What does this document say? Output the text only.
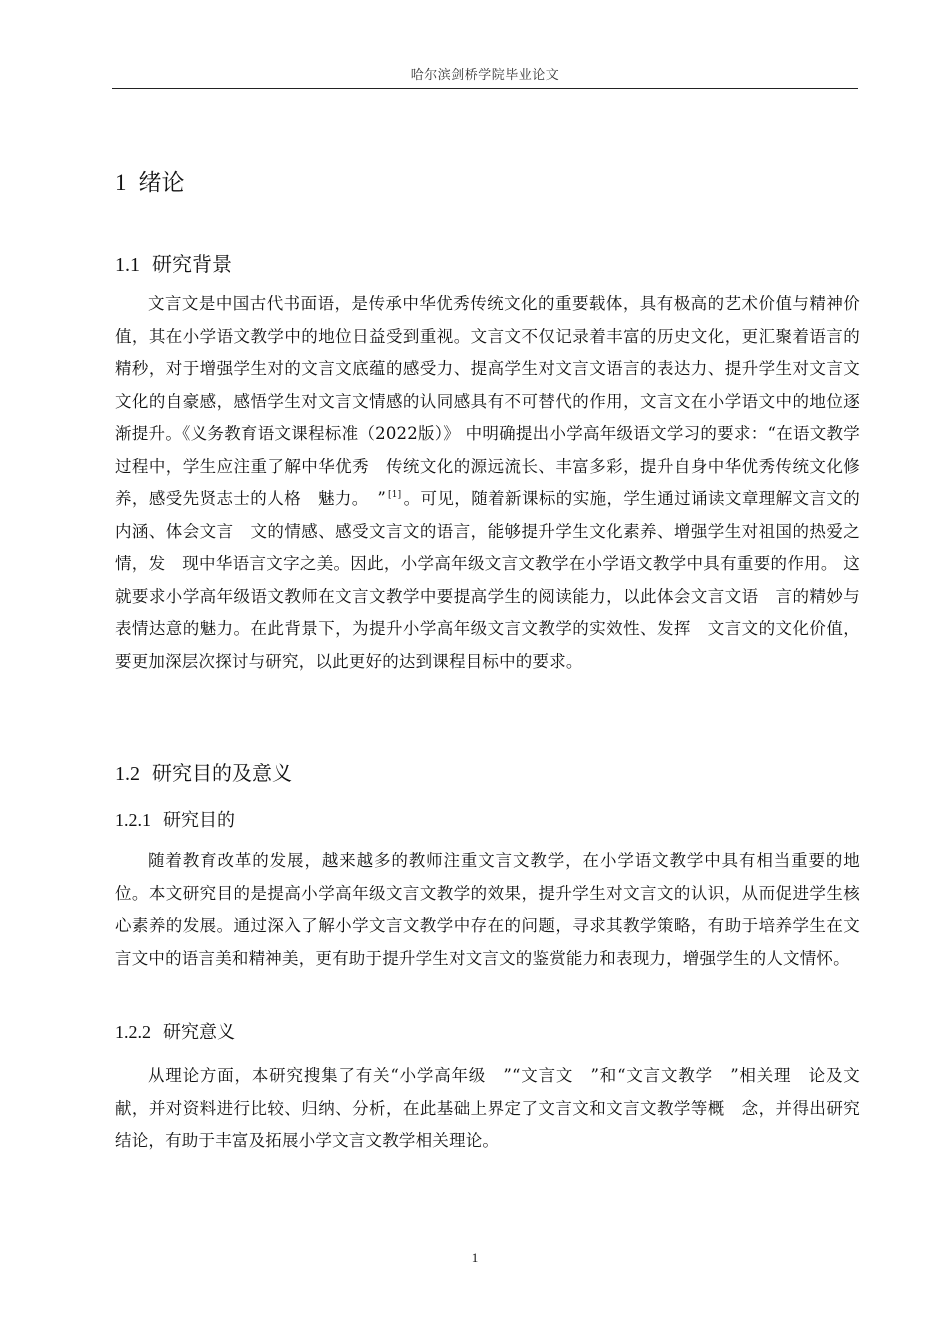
哈尔滨剑桥学院毕业论文
1 绪论
1.1 研究背景

文言文是中国古代书面语，是传承中华优秀传统文化的重要载体，具有极高的艺术价值与精神价值，其在小学语文教学中的地位日益受到重视。文言文不仅记录着丰富的历史文化，更汇聚着语言的精秒，对于增强学生对的文言文底蕴的感受力、提高学生对文言文语言的表达力、提升学生对文言文文化的自豪感，感悟学生对文言文情感的认同感具有不可替代的作用，文言文在小学语文中的地位逐渐提升。《义务教育语文课程标准（2022版）》 中明确提出小学高年级语文学习的要求：“在语文教学过程中，学生应注重了解中华优秀　传统文化的源远流长、丰富多彩，提升自身中华优秀传统文化修养，感受先贤志士的人格　魅力。　” [1] 。可见，随着新课标的实施，学生通过诵读文章理解文言文的内涵、体会文言　文的情感、感受文言文的语言，能够提升学生文化素养、增强学生对祖国的热爱之情，发　现中华语言文字之美。因此，小学高年级文言文教学在小学语文教学中具有重要的作用。 这就要求小学高年级语文教师在文言文教学中要提高学生的阅读能力，以此体会文言文语　言的精妙与表情达意的魅力。在此背景下，为提升小学高年级文言文教学的实效性、发挥　文言文的文化价值，要更加深层次探讨与研究，以此更好的达到课程目标中的要求。

1.2 研究目的及意义
1.2.1 研究目的

随着教育改革的发展，越来越多的教师注重文言文教学，在小学语文教学中具有相当重要的地位。本文研究目的是提高小学高年级文言文教学的效果，提升学生对文言文的认识，从而促进学生核心素养的发展。通过深入了解小学文言文教学中存在的问题，寻求其教学策略，有助于培养学生在文言文中的语言美和精神美，更有助于提升学生对文言文的鉴赏能力和表现力，增强学生的人文情怀。

1.2.2 研究意义

从理论方面，本研究搜集了有关“小学高年级　”“文言文　”和“文言文教学　”相关理　论及文献，并对资料进行比较、归纳、分析，在此基础上界定了文言文和文言文教学等概　念，并得出研究结论，有助于丰富及拓展小学文言文教学相关理论。

1
